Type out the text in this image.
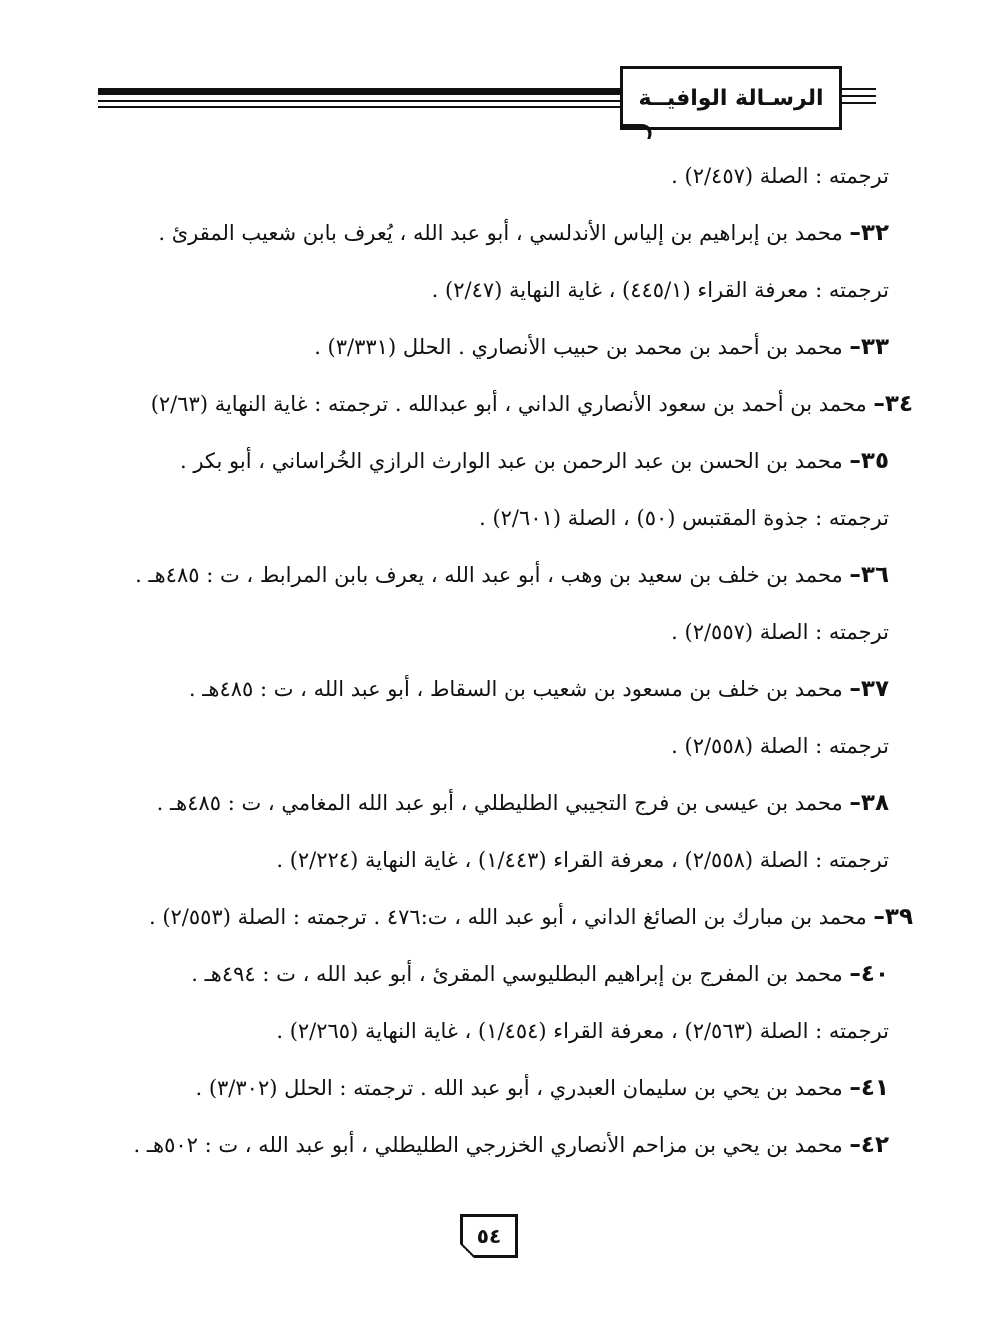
الرسـالة الوافيــة
ترجمته : الصلة (٢/٤٥٧) .
٣٢– محمد بن إبراهيم بن إلياس الأندلسي ، أبو عبد الله ، يُعرف بابن شعيب المقرئ .
ترجمته : معرفة القراء (٤٤٥/١) ، غاية النهاية (٢/٤٧) .
٣٣– محمد بن أحمد بن محمد بن حبيب الأنصاري . الحلل (٣/٣٣١) .
٣٤– محمد بن أحمد بن سعود الأنصاري الداني ، أبو عبدالله . ترجمته : غاية النهاية (٢/٦٣)
٣٥– محمد بن الحسن بن عبد الرحمن بن عبد الوارث الرازي الخُراساني ، أبو بكر .
ترجمته : جذوة المقتبس (٥٠) ، الصلة (٢/٦٠١) .
٣٦– محمد بن خلف بن سعيد بن وهب ، أبو عبد الله ، يعرف بابن المرابط ، ت : ٤٨٥هـ .
ترجمته : الصلة (٢/٥٥٧) .
٣٧– محمد بن خلف بن مسعود بن شعيب بن السقاط ، أبو عبد الله ، ت : ٤٨٥هـ .
ترجمته : الصلة (٢/٥٥٨) .
٣٨– محمد بن عيسى بن فرج التجيبي الطليطلي ، أبو عبد الله المغامي ، ت : ٤٨٥هـ .
ترجمته : الصلة (٢/٥٥٨) ، معرفة القراء (١/٤٤٣) ، غاية النهاية (٢/٢٢٤) .
٣٩– محمد بن مبارك بن الصائغ الداني ، أبو عبد الله ، ت:٤٧٦ . ترجمته : الصلة (٢/٥٥٣) .
٤٠– محمد بن المفرج بن إبراهيم البطليوسي المقرئ ، أبو عبد الله ، ت : ٤٩٤هـ .
ترجمته : الصلة (٢/٥٦٣) ، معرفة القراء (١/٤٥٤) ، غاية النهاية (٢/٢٦٥) .
٤١– محمد بن يحي بن سليمان العبدري ، أبو عبد الله . ترجمته : الحلل (٣/٣٠٢) .
٤٢– محمد بن يحي بن مزاحم الأنصاري الخزرجي الطليطلي ، أبو عبد الله ، ت : ٥٠٢هـ .
٥٤
